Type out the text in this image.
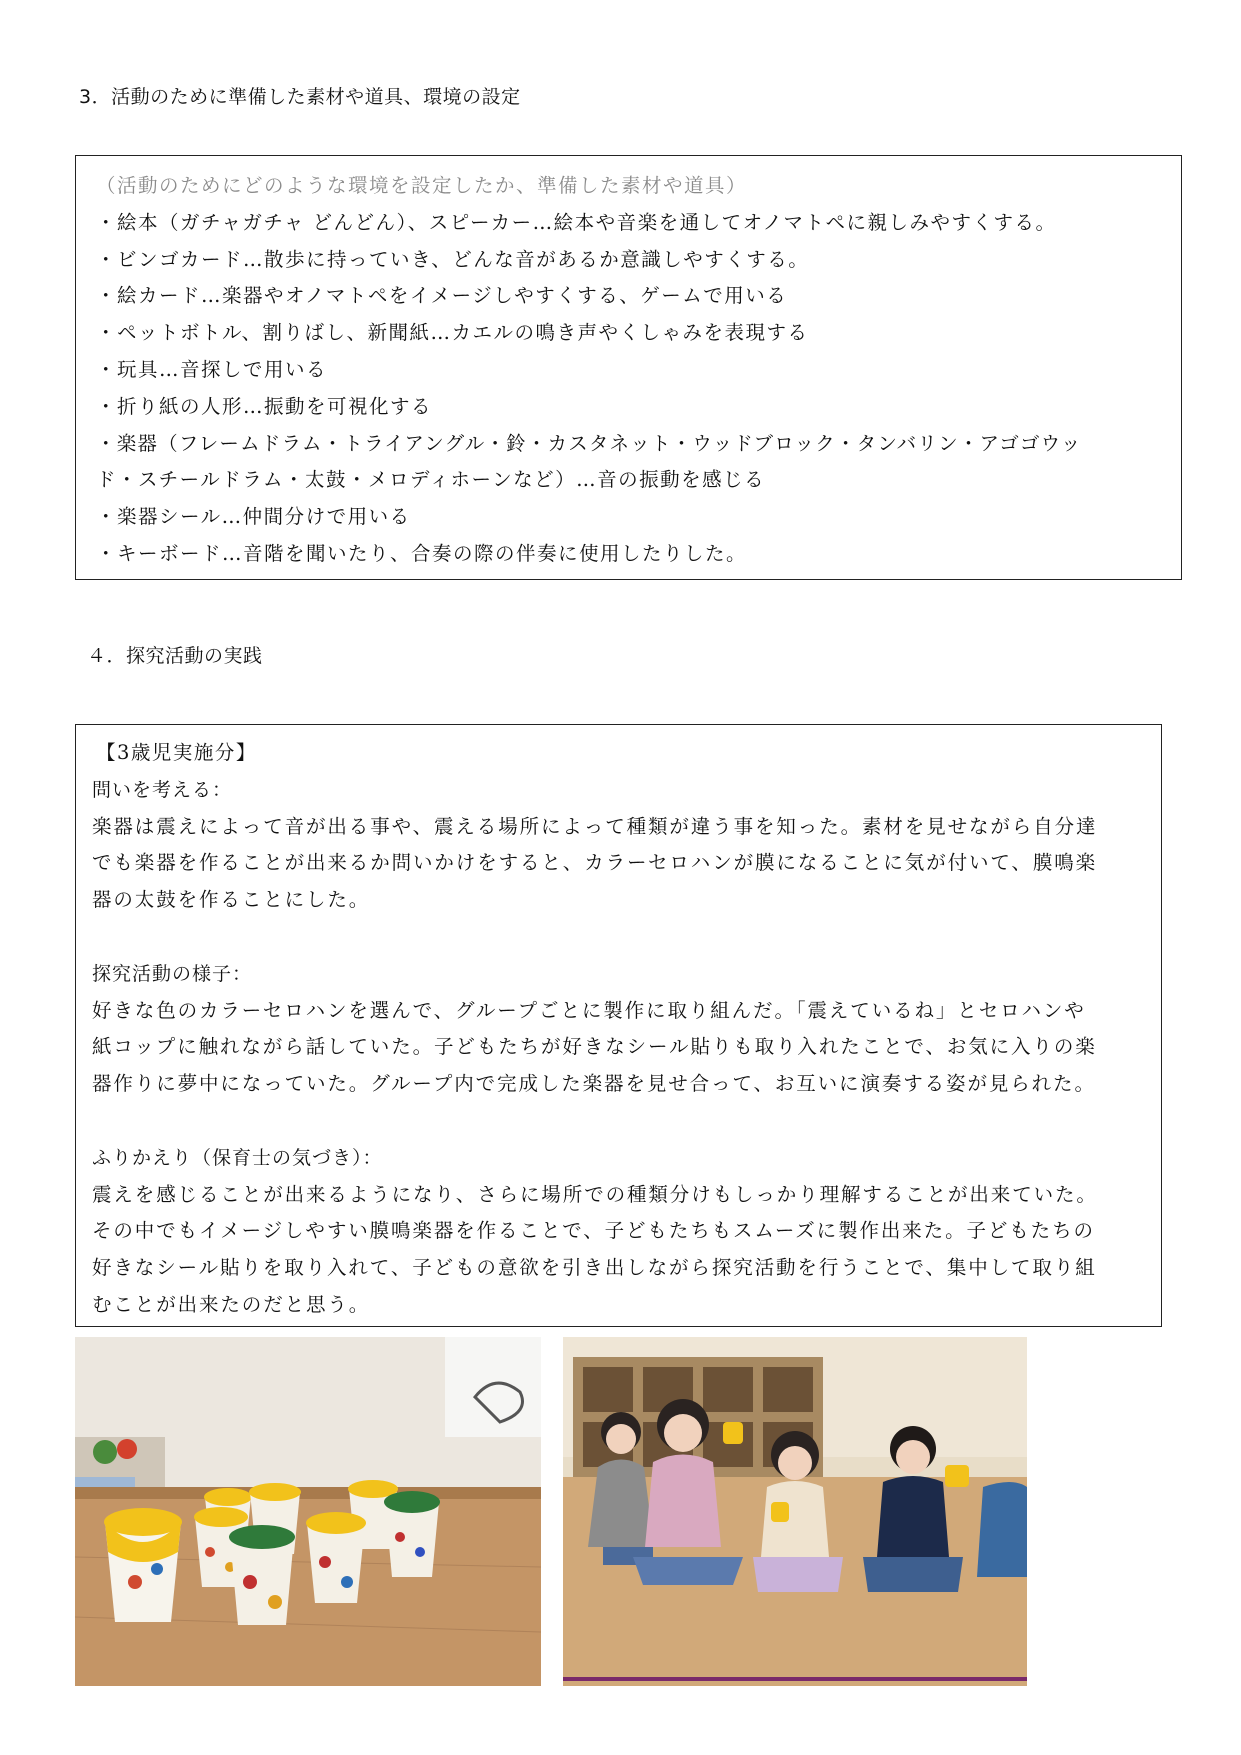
3．活動のために準備した素材や道具、環境の設定
（活動のためにどのような環境を設定したか、準備した素材や道具）
・絵本（ガチャガチャ どんどん）、スピーカー…絵本や音楽を通してオノマトペに親しみやすくする。
・ビンゴカード…散歩に持っていき、どんな音があるか意識しやすくする。
・絵カード…楽器やオノマトペをイメージしやすくする、ゲームで用いる
・ペットボトル、割りばし、新聞紙…カエルの鳴き声やくしゃみを表現する
・玩具…音探しで用いる
・折り紙の人形…振動を可視化する
・楽器（フレームドラム・トライアングル・鈴・カスタネット・ウッドブロック・タンバリン・アゴゴウッ
ド・スチールドラム・太鼓・メロディホーンなど）…音の振動を感じる
・楽器シール…仲間分けで用いる
・キーボード…音階を聞いたり、合奏の際の伴奏に使用したりした。
４．探究活動の実践
【3歳児実施分】
問いを考える：
楽器は震えによって音が出る事や、震える場所によって種類が違う事を知った。素材を見せながら自分達
でも楽器を作ることが出来るか問いかけをすると、カラーセロハンが膜になることに気が付いて、膜鳴楽
器の太鼓を作ることにした。
探究活動の様子：
好きな色のカラーセロハンを選んで、グループごとに製作に取り組んだ。「震えているね」とセロハンや
紙コップに触れながら話していた。子どもたちが好きなシール貼りも取り入れたことで、お気に入りの楽
器作りに夢中になっていた。グループ内で完成した楽器を見せ合って、お互いに演奏する姿が見られた。
ふりかえり（保育士の気づき）：
震えを感じることが出来るようになり、さらに場所での種類分けもしっかり理解することが出来ていた。
その中でもイメージしやすい膜鳴楽器を作ることで、子どもたちもスムーズに製作出来た。子どもたちの
好きなシール貼りを取り入れて、子どもの意欲を引き出しながら探究活動を行うことで、集中して取り組
むことが出来たのだと思う。
